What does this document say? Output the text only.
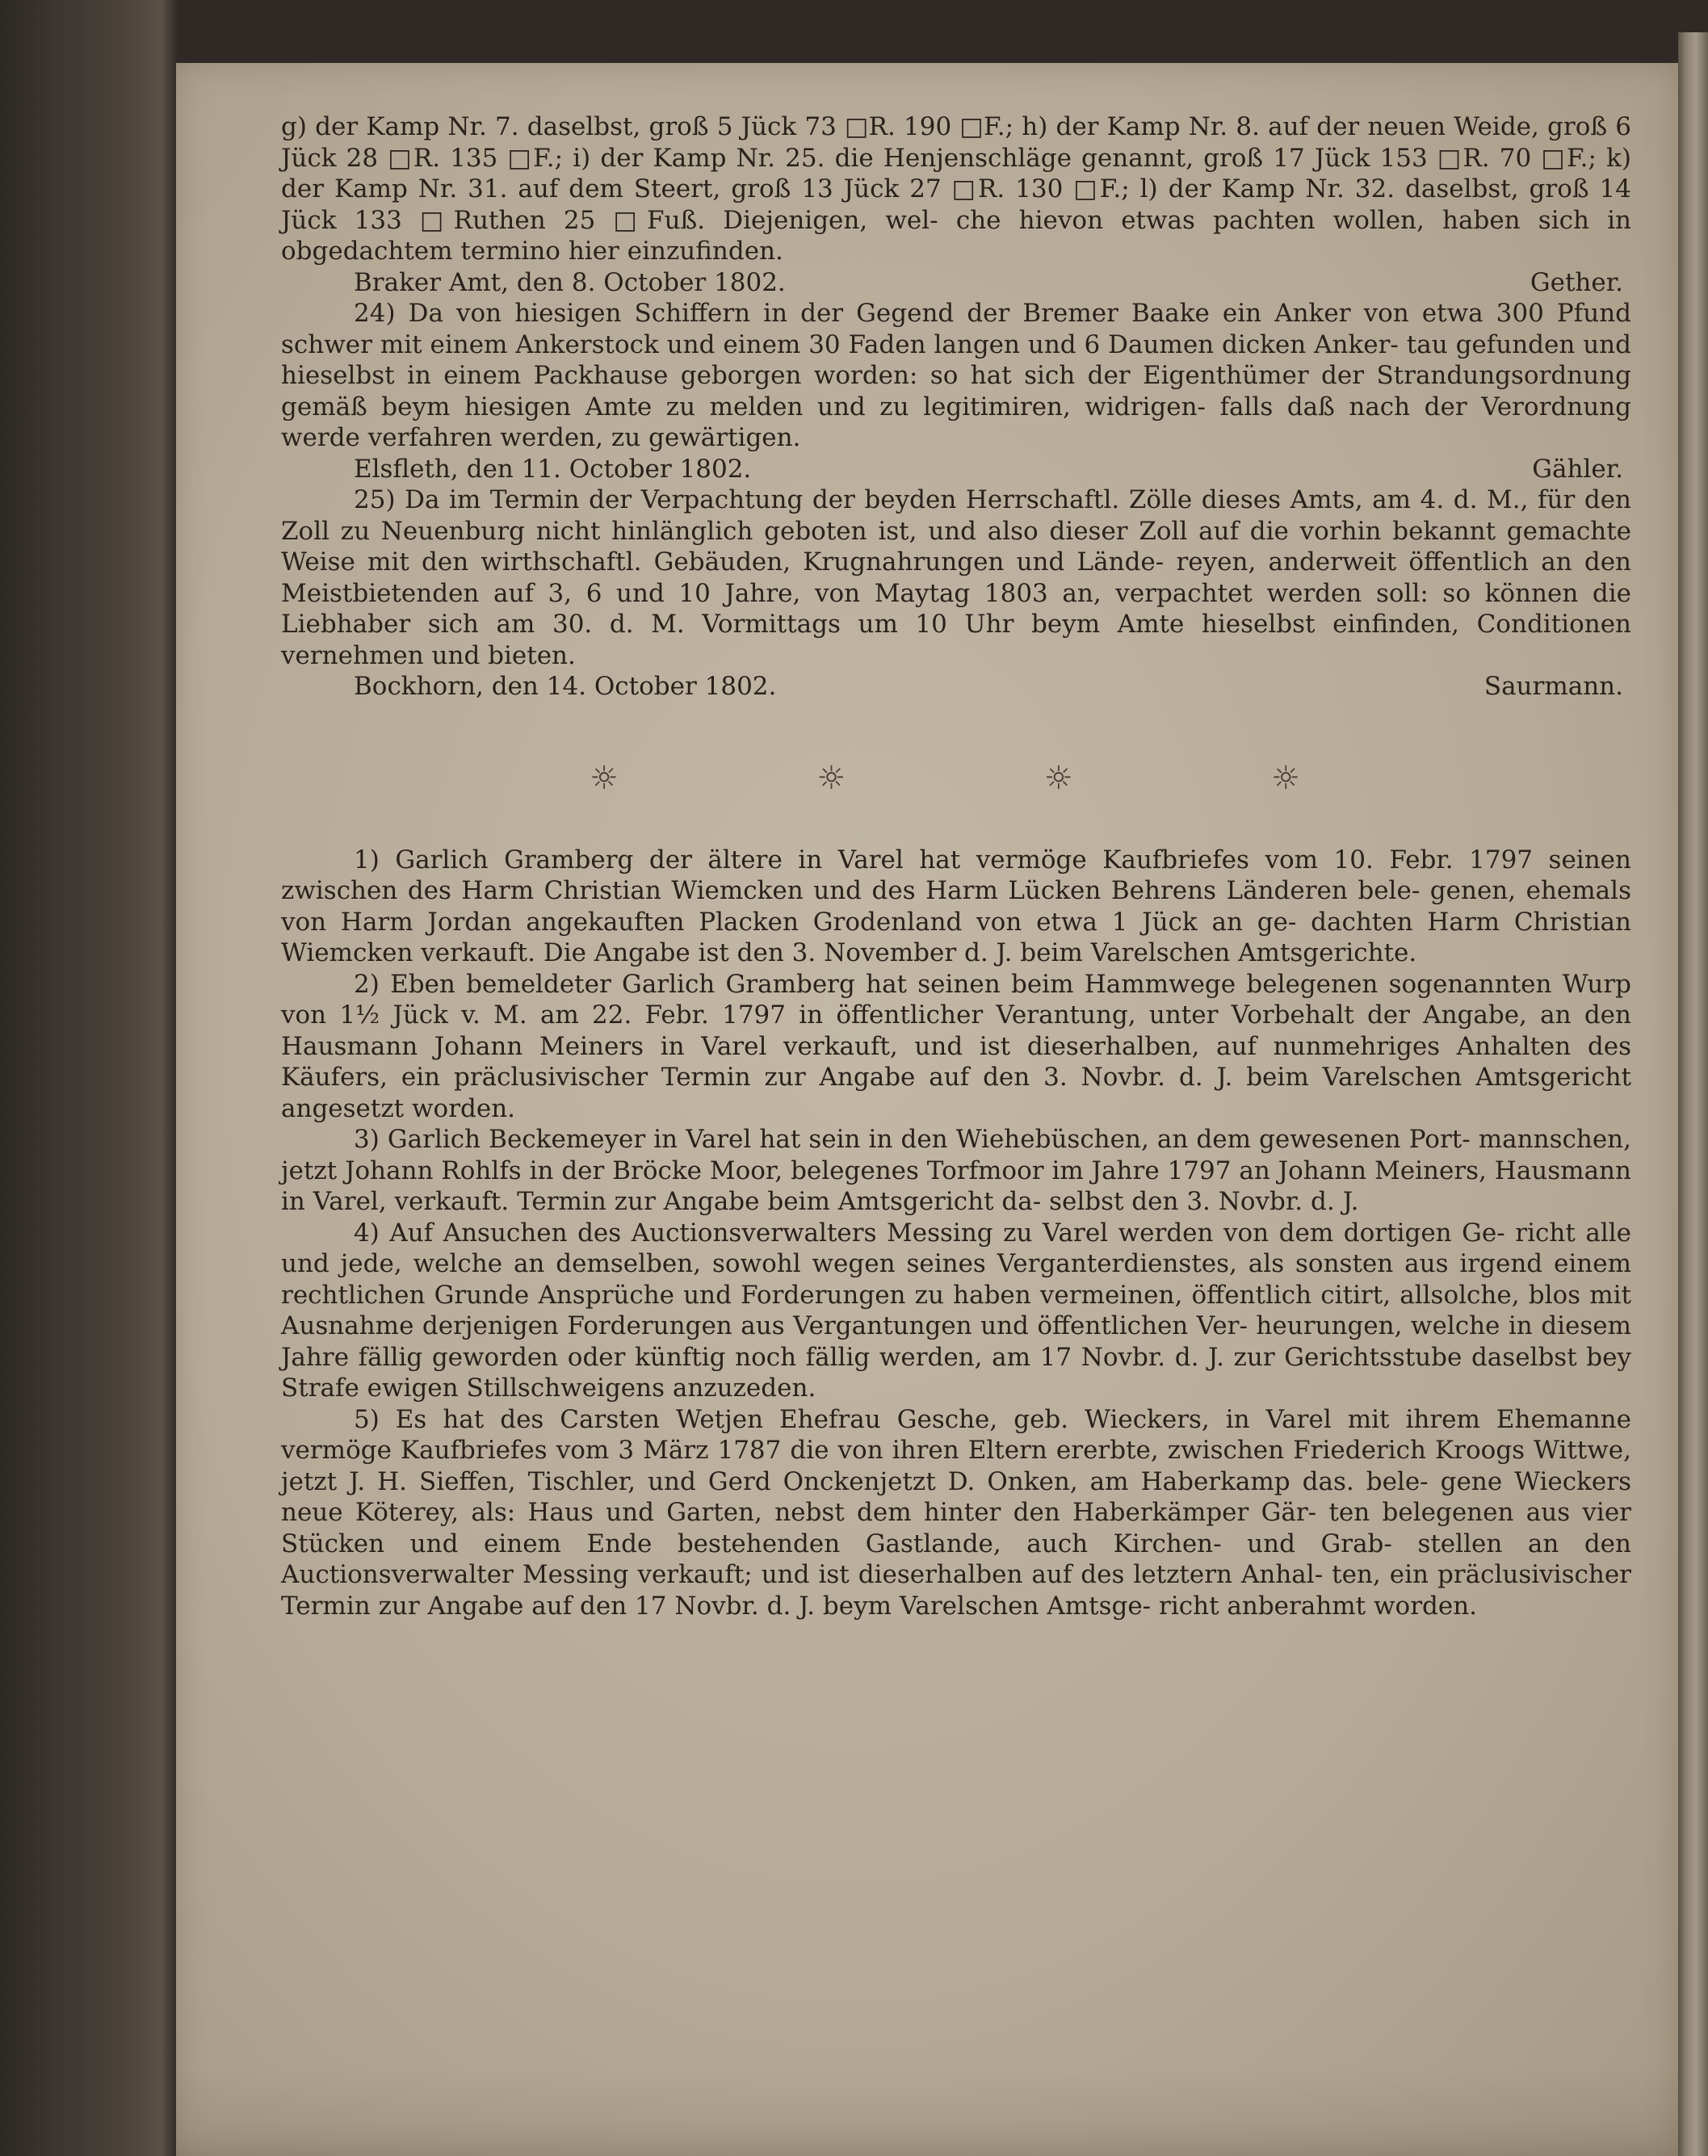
g) der Kamp Nr. 7. daselbst, groß 5 Jück 73 □R. 190 □F.; h) der Kamp Nr. 8. auf der neuen Weide, groß 6 Jück 28 □R. 135 □F.; i) der Kamp Nr. 25. die Henjenschläge genannt, groß 17 Jück 153 □R. 70 □F.; k) der Kamp Nr. 31. auf dem Steert, groß 13 Jück 27 □R. 130 □F.; l) der Kamp Nr. 32. daselbst, groß 14 Jück 133 □Ruthen 25 □Fuß. Diejenigen, wel- che hievon etwas pachten wollen, haben sich in obgedachtem termino hier einzufinden.

Braker Amt, den 8. October 1802.	Gether.

24) Da von hiesigen Schiffern in der Gegend der Bremer Baake ein Anker von etwa 300 Pfund schwer mit einem Ankerstock und einem 30 Faden langen und 6 Daumen dicken Anker- tau gefunden und hieselbst in einem Packhause geborgen worden: so hat sich der Eigenthümer der Strandungsordnung gemäß beym hiesigen Amte zu melden und zu legitimiren, widrigen- falls daß nach der Verordnung werde verfahren werden, zu gewärtigen.

Elsfleth, den 11. October 1802.	Gähler.

25) Da im Termin der Verpachtung der beyden Herrschaftl. Zölle dieses Amts, am 4. d. M., für den Zoll zu Neuenburg nicht hinlänglich geboten ist, und also dieser Zoll auf die vorhin bekannt gemachte Weise mit den wirthschaftl. Gebäuden, Krugnahrungen und Lände- reyen, anderweit öffentlich an den Meistbietenden auf 3, 6 und 10 Jahre, von Maytag 1803 an, verpachtet werden soll: so können die Liebhaber sich am 30. d. M. Vormittags um 10 Uhr beym Amte hieselbst einfinden, Conditionen vernehmen und bieten.

Bockhorn, den 14. October 1802.	Saurmann.
☼	☼	☼	☼

1) Garlich Gramberg der ältere in Varel hat vermöge Kaufbriefes vom 10. Febr. 1797 seinen zwischen des Harm Christian Wiemcken und des Harm Lücken Behrens Länderen bele- genen, ehemals von Harm Jordan angekauften Placken Grodenland von etwa 1 Jück an ge- dachten Harm Christian Wiemcken verkauft. Die Angabe ist den 3. November d. J. beim Varelschen Amtsgerichte.

2) Eben bemeldeter Garlich Gramberg hat seinen beim Hammwege belegenen sogenannten Wurp von 1½ Jück v. M. am 22. Febr. 1797 in öffentlicher Verantung, unter Vorbehalt der Angabe, an den Hausmann Johann Meiners in Varel verkauft, und ist dieserhalben, auf nunmehriges Anhalten des Käufers, ein präclusivischer Termin zur Angabe auf den 3. Novbr. d. J. beim Varelschen Amtsgericht angesetzt worden.

3) Garlich Beckemeyer in Varel hat sein in den Wiehebüschen, an dem gewesenen Port- mannschen, jetzt Johann Rohlfs in der Bröcke Moor, belegenes Torfmoor im Jahre 1797 an Johann Meiners, Hausmann in Varel, verkauft. Termin zur Angabe beim Amtsgericht da- selbst den 3. Novbr. d. J.

4) Auf Ansuchen des Auctionsverwalters Messing zu Varel werden von dem dortigen Ge- richt alle und jede, welche an demselben, sowohl wegen seines Verganterdienstes, als sonsten aus irgend einem rechtlichen Grunde Ansprüche und Forderungen zu haben vermeinen, öffentlich citirt, allsolche, blos mit Ausnahme derjenigen Forderungen aus Vergantungen und öffentlichen Ver- heurungen, welche in diesem Jahre fällig geworden oder künftig noch fällig werden, am 17 Novbr. d. J. zur Gerichtsstube daselbst bey Strafe ewigen Stillschweigens anzuzeden.

5) Es hat des Carsten Wetjen Ehefrau Gesche, geb. Wieckers, in Varel mit ihrem Ehemanne vermöge Kaufbriefes vom 3 März 1787 die von ihren Eltern ererbte, zwischen Friederich Kroogs Wittwe, jetzt J. H. Sieffen, Tischler, und Gerd Onckenjetzt D. Onken, am Haberkamp das. bele- gene Wieckers neue Köterey, als: Haus und Garten, nebst dem hinter den Haberkämper Gär- ten belegenen aus vier Stücken und einem Ende bestehenden Gastlande, auch Kirchen- und Grab- stellen an den Auctionsverwalter Messing verkauft; und ist dieserhalben auf des letztern Anhal- ten, ein präclusivischer Termin zur Angabe auf den 17 Novbr. d. J. beym Varelschen Amtsge- richt anberahmt worden.
